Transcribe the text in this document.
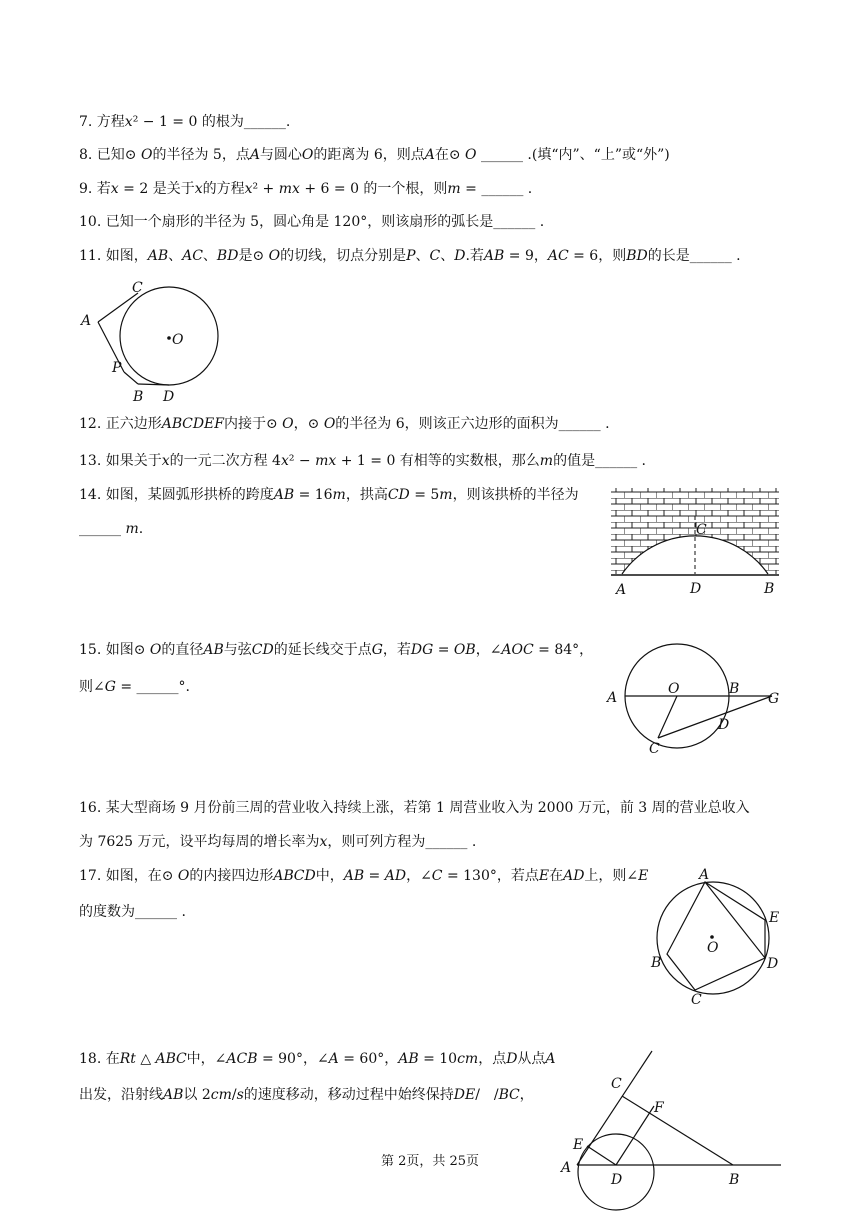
7. 方程𝑥² − 1 = 0 的根为______.
8. 已知⊙ 𝑂的半径为 5，点𝐴与圆心𝑂的距离为 6，则点𝐴在⊙ 𝑂 ______ .(填“内”、“上”或“外”)
9. 若𝑥 = 2 是关于𝑥的方程𝑥² + 𝑚𝑥 + 6 = 0 的一个根，则𝑚 = ______ .
10. 已知一个扇形的半径为 5，圆心角是 120°，则该扇形的弧长是______ .
11. 如图，𝐴𝐵、𝐴𝐶、𝐵𝐷是⊙ 𝑂的切线，切点分别是𝑃、𝐶、𝐷.若𝐴𝐵 = 9，𝐴𝐶 = 6，则𝐵𝐷的长是______ .
A
C
O
P
B D
12. 正六边形𝐴𝐵𝐶𝐷𝐸𝐹内接于⊙ 𝑂，⊙ 𝑂的半径为 6，则该正六边形的面积为______ .
13. 如果关于𝑥的一元二次方程 4𝑥² − 𝑚𝑥 + 1 = 0 有相等的实数根，那么𝑚的值是______ .
14. 如图，某圆弧形拱桥的跨度𝐴𝐵 = 16𝑚，拱高𝐶𝐷 = 5𝑚，则该拱桥的半径为
______ 𝑚.	C
A	D	B
15. 如图⊙ 𝑂的直径𝐴𝐵与弦𝐶𝐷的延长线交于点𝐺，若𝐷𝐺 = 𝑂𝐵，∠𝐴𝑂𝐶 = 84°，
则∠𝐺 = ______°.
A
O	B
G
D
C
16. 某大型商场 9 月份前三周的营业收入持续上涨，若第 1 周营业收入为 2000 万元，前 3 周的营业总收入
为 7625 万元，设平均每周的增长率为𝑥，则可列方程为______ .
17. 如图，在⊙ 𝑂的内接四边形𝐴𝐵𝐶𝐷中，𝐴𝐵 = 𝐴𝐷，∠𝐶 = 130°，若点𝐸在𝐴𝐷上，则∠𝐸
的度数为______ .
A
E
O
B	D
C
18. 在𝑅𝑡 △ 𝐴𝐵𝐶中，∠𝐴𝐶𝐵 = 90°，∠𝐴 = 60°，𝐴𝐵 = 10𝑐𝑚，点𝐷从点𝐴
出发，沿射线𝐴𝐵以 2𝑐𝑚/𝑠的速度移动，移动过程中始终保持𝐷𝐸/　/𝐵𝐶，
C
F
E
A
D	B
第 2页，共 25页
